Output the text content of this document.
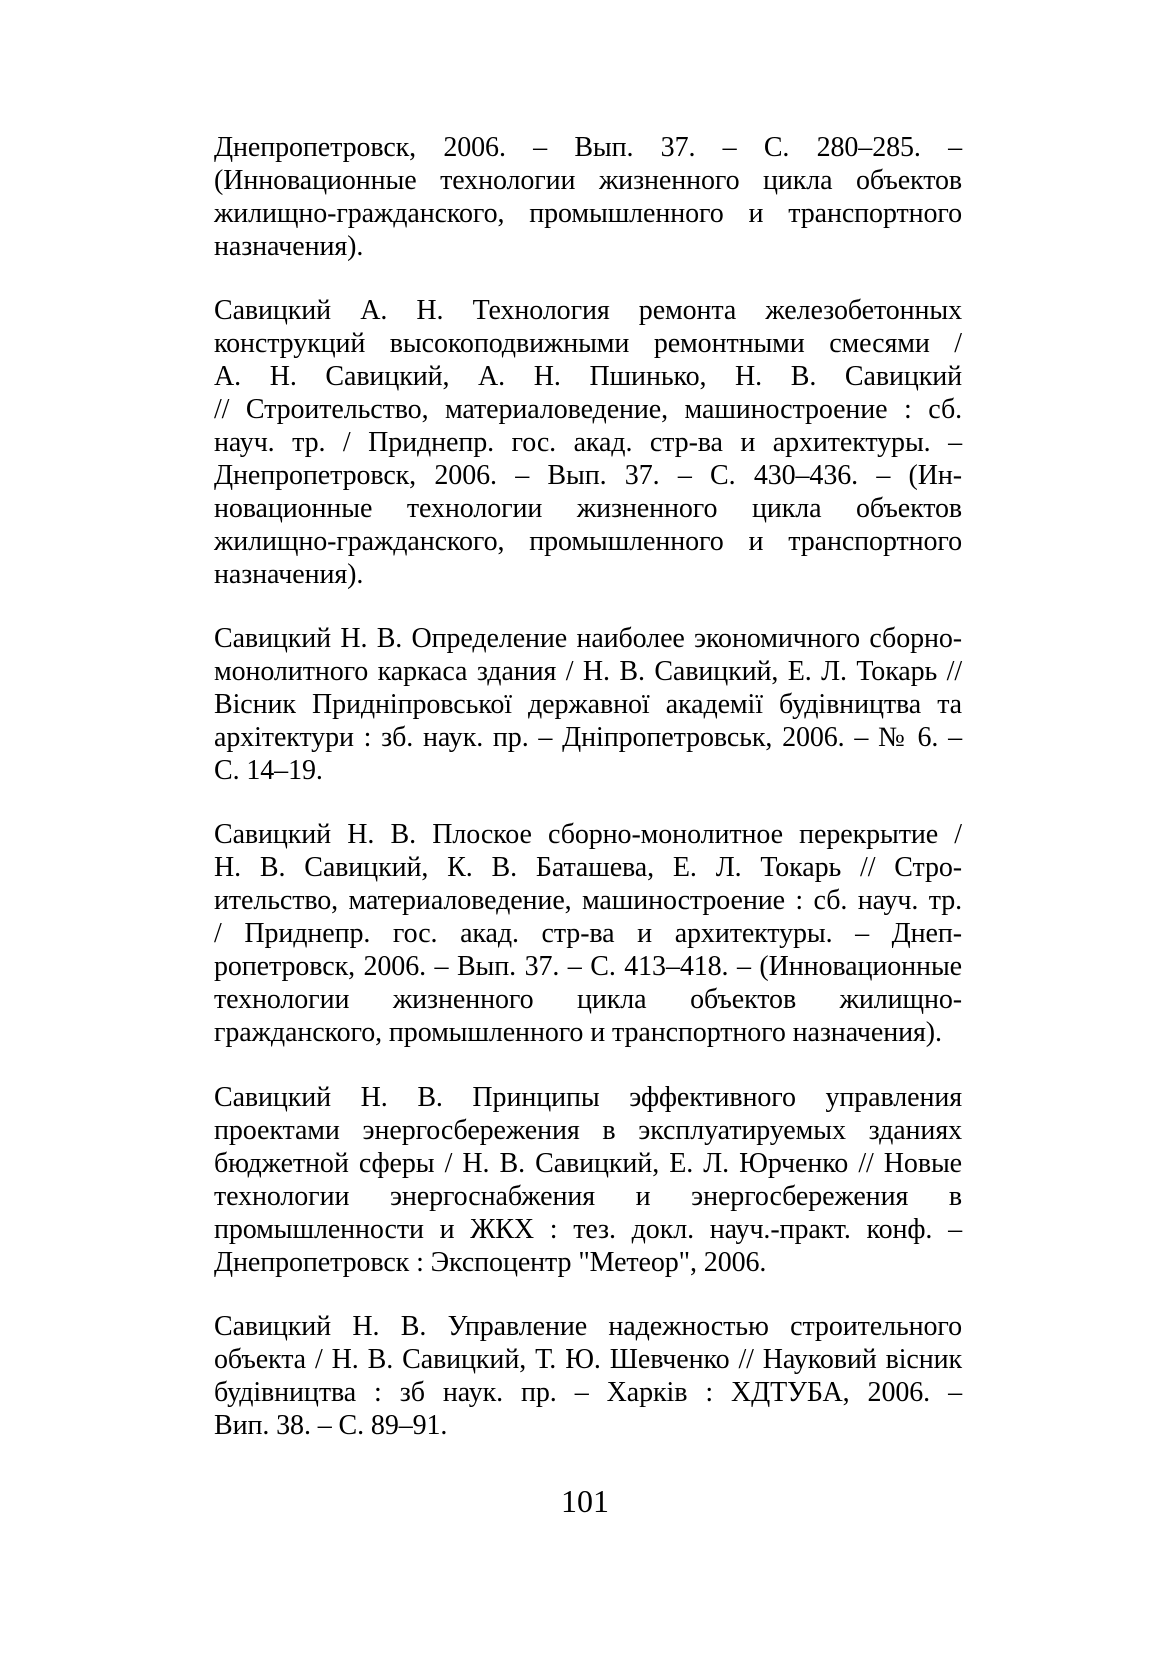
Днепропетровск, 2006. – Вып. 37. – С. 280–285. –
(Инновационные технологии жизненного цикла объектов
жилищно-гражданского, промышленного и транспортного
назначения).
Савицкий А. Н. Технология ремонта железобетонных
конструкций высокоподвижными ремонтными смесями /
А. Н. Савицкий, А. Н. Пшинько, Н. В. Савицкий
// Строительство, материаловедение, машиностроение : сб.
науч. тр. / Приднепр. гос. акад. стр-ва и архитектуры. –
Днепропетровск, 2006. – Вып. 37. – С. 430–436. – (Ин-
новационные технологии жизненного цикла объектов
жилищно-гражданского, промышленного и транспортного
назначения).
Савицкий Н. В. Определение наиболее экономичного сборно-
монолитного каркаса здания / Н. В. Савицкий, Е. Л. Токарь //
Вісник Придніпровської державної академії будівництва та
архітектури : зб. наук. пр. – Дніпропетровськ, 2006. – № 6. –
С. 14–19.
Савицкий Н. В. Плоское сборно-монолитное перекрытие /
Н. В. Савицкий, К. В. Баташева, Е. Л. Токарь // Стро-
ительство, материаловедение, машиностроение : сб. науч. тр.
/ Приднепр. гос. акад. стр-ва и архитектуры. – Днеп-
ропетровск, 2006. – Вып. 37. – С. 413–418. – (Инновационные
технологии жизненного цикла объектов жилищно-
гражданского, промышленного и транспортного назначения).
Савицкий Н. В. Принципы эффективного управления
проектами энергосбережения в эксплуатируемых зданиях
бюджетной сферы / Н. В. Савицкий, Е. Л. Юрченко // Новые
технологии энергоснабжения и энергосбережения в
промышленности и ЖКХ : тез. докл. науч.-практ. конф. –
Днепропетровск : Экспоцентр "Метеор", 2006.
Савицкий Н. В. Управление надежностью строительного
объекта / Н. В. Савицкий, Т. Ю. Шевченко // Науковий вісник
будівництва : зб наук. пр. – Харків : ХДТУБА, 2006. –
Вип. 38. – С. 89–91.
101
